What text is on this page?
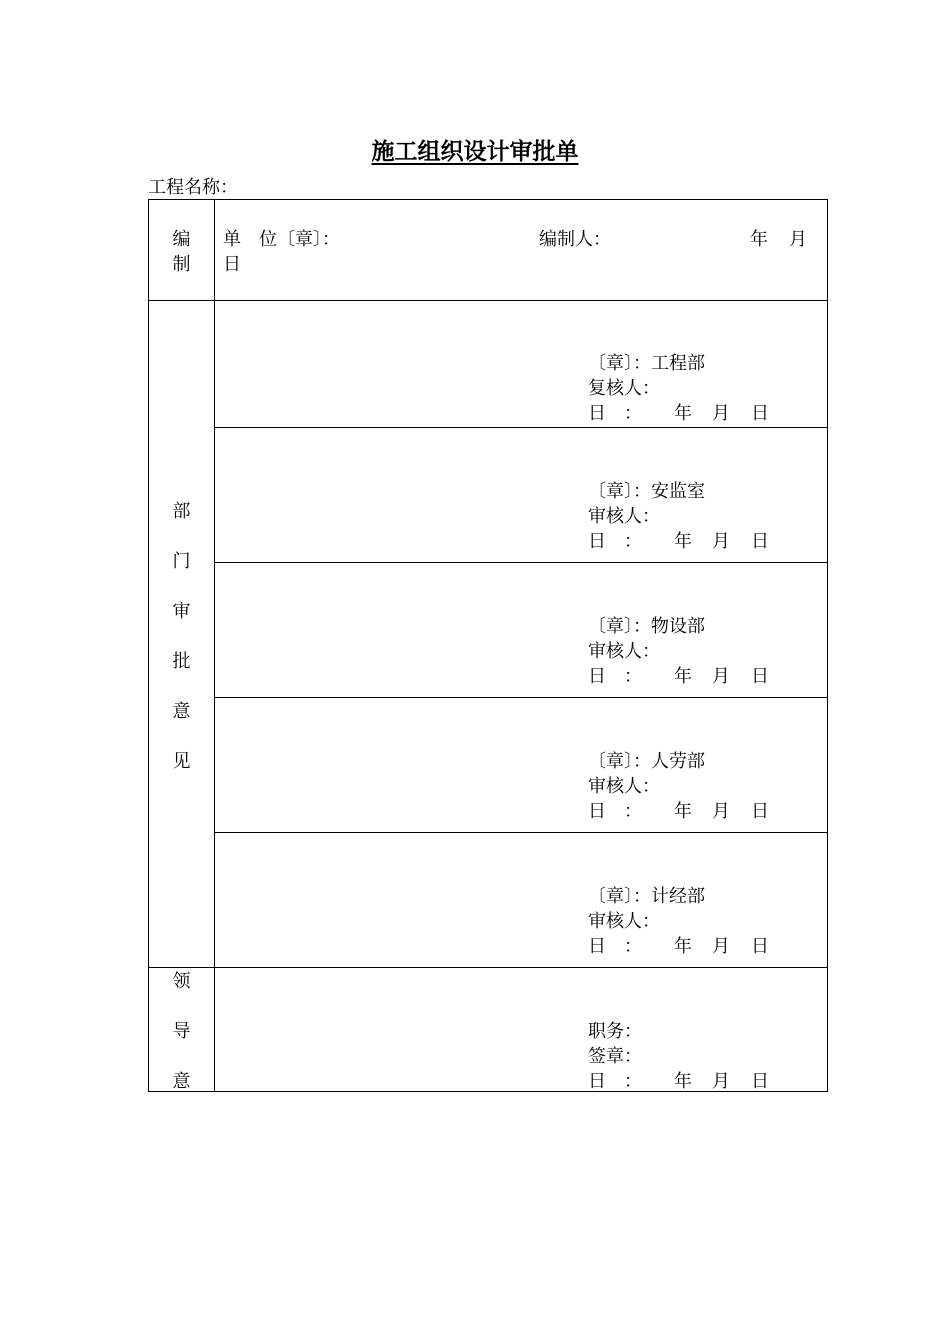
施工组织设计审批单
工程名称：
编
制
单　位〔章〕：	编制人：	年 月
日
部
门
审
批
意
见
〔章〕：工程部
复核人：
日 ： 年 月 日
〔章〕：安监室
审核人：
日 ： 年 月 日
〔章〕：物设部
审核人：
日 ： 年 月 日
〔章〕：人劳部
审核人：
日 ： 年 月 日
〔章〕：计经部
审核人：
日 ： 年 月 日
领
导
意
职务：
签章：
日 ： 年 月 日
